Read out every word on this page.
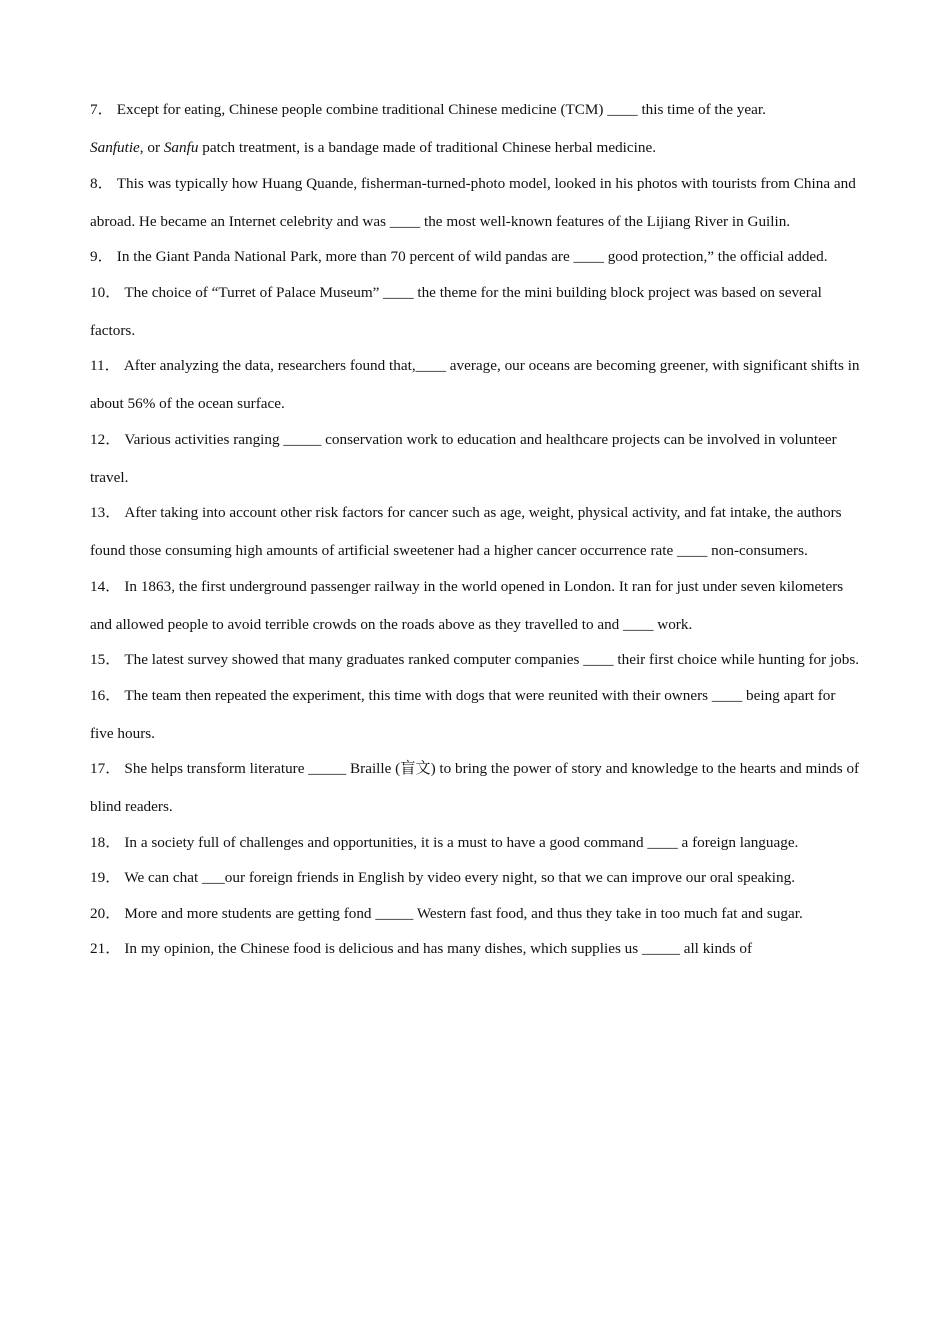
7． Except for eating, Chinese people combine traditional Chinese medicine (TCM) ____ this time of the year.
Sanfutie, or Sanfu patch treatment, is a bandage made of traditional Chinese herbal medicine.
8． This was typically how Huang Quande, fisherman-turned-photo model, looked in his photos with tourists from China and abroad. He became an Internet celebrity and was ____ the most well-known features of the Lijiang River in Guilin.
9． In the Giant Panda National Park, more than 70 percent of wild pandas are ____ good protection,” the official added.
10． The choice of “Turret of Palace Museum” ____ the theme for the mini building block project was based on several factors.
11． After analyzing the data, researchers found that,____ average, our oceans are becoming greener, with significant shifts in about 56% of the ocean surface.
12． Various activities ranging _____ conservation work to education and healthcare projects can be involved in volunteer travel.
13． After taking into account other risk factors for cancer such as age, weight, physical activity, and fat intake, the authors found those consuming high amounts of artificial sweetener had a higher cancer occurrence rate ____ non-consumers.
14． In 1863, the first underground passenger railway in the world opened in London. It ran for just under seven kilometers and allowed people to avoid terrible crowds on the roads above as they travelled to and ____ work.
15． The latest survey showed that many graduates ranked computer companies ____ their first choice while hunting for jobs.
16． The team then repeated the experiment, this time with dogs that were reunited with their owners ____ being apart for five hours.
17． She helps transform literature _____ Braille (盲文) to bring the power of story and knowledge to the hearts and minds of blind readers.
18． In a society full of challenges and opportunities, it is a must to have a good command ____ a foreign language.
19． We can chat ___our foreign friends in English by video every night, so that we can improve our oral speaking.
20． More and more students are getting fond _____ Western fast food, and thus they take in too much fat and sugar.
21． In my opinion, the Chinese food is delicious and has many dishes, which supplies us _____ all kinds of
